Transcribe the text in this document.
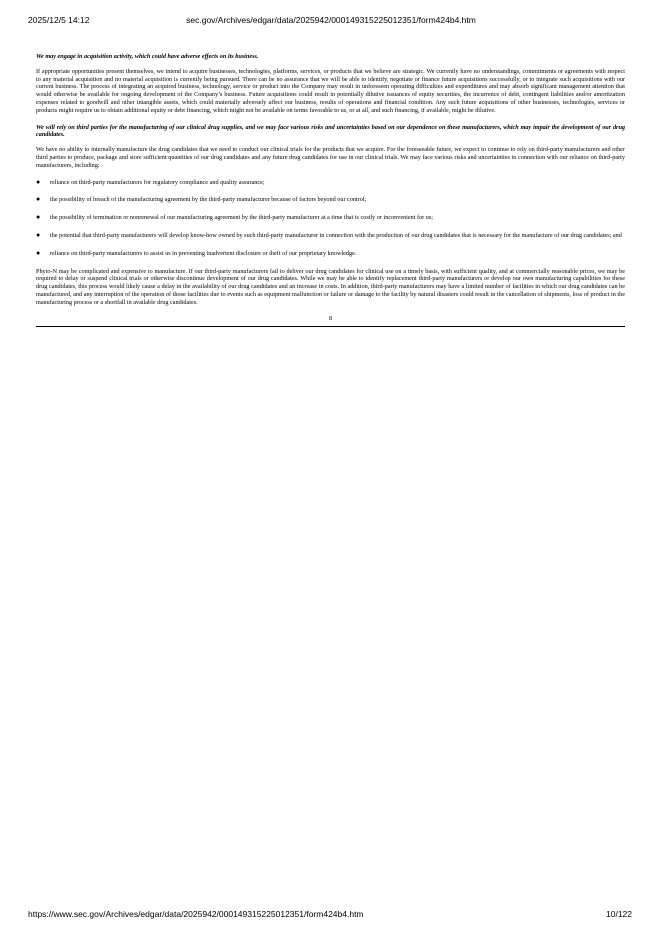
2025/12/5 14:12	sec.gov/Archives/edgar/data/2025942/000149315225012351/form424b4.htm

We may engage in acquisition activity, which could have adverse effects on its business.

If appropriate opportunities present themselves, we intend to acquire businesses, technologies, platforms, services, or products that we believe are strategic. We currently have no understandings, commitments or agreements with respect to any material acquisition and no material acquisition is currently being pursued. There can be no assurance that we will be able to identify, negotiate or finance future acquisitions successfully, or to integrate such acquisitions with our current business. The process of integrating an acquired business, technology, service or product into the Company may result in unforeseen operating difficulties and expenditures and may absorb significant management attention that would otherwise be available for ongoing development of the Company’s business. Future acquisitions could result in potentially dilutive issuances of equity securities, the incurrence of debt, contingent liabilities and/or amortization expenses related to goodwill and other intangible assets, which could materially adversely affect our business, results of operations and financial condition. Any such future acquisitions of other businesses, technologies, services or products might require us to obtain additional equity or debt financing, which might not be available on terms favorable to us, or at all, and such financing, if available, might be dilutive.

We will rely on third parties for the manufacturing of our clinical drug supplies, and we may face various risks and uncertainties based on our dependence on these manufacturers, which may impair the development of our drug candidates.

We have no ability to internally manufacture the drug candidates that we need to conduct our clinical trials for the products that we acquire. For the foreseeable future, we expect to continue to rely on third-party manufacturers and other third parties to produce, package and store sufficient quantities of our drug candidates and any future drug candidates for use in our clinical trials. We may face various risks and uncertainties in connection with our reliance on third-party manufacturers, including:

● reliance on third-party manufacturers for regulatory compliance and quality assurance;
● the possibility of breach of the manufacturing agreement by the third-party manufacturer because of factors beyond our control;
● the possibility of termination or nonrenewal of our manufacturing agreement by the third-party manufacturer at a time that is costly or inconvenient for us;
● the potential that third-party manufacturers will develop know-how owned by such third-party manufacturer in connection with the production of our drug candidates that is necessary for the manufacture of our drug candidates; and
● reliance on third-party manufacturers to assist us in preventing inadvertent disclosure or theft of our proprietary knowledge.

Phyto-N may be complicated and expensive to manufacture. If our third-party manufacturers fail to deliver our drug candidates for clinical use on a timely basis, with sufficient quality, and at commercially reasonable prices, we may be required to delay or suspend clinical trials or otherwise discontinue development of our drug candidates. While we may be able to identify replacement third-party manufacturers or develop our own manufacturing capabilities for these drug candidates, this process would likely cause a delay in the availability of our drug candidates and an increase in costs. In addition, third-party manufacturers may have a limited number of facilities in which our drug candidates can be manufactured, and any interruption of the operation of those facilities due to events such as equipment malfunction or failure or damage to the facility by natural disasters could result in the cancellation of shipments, loss of product in the manufacturing process or a shortfall in available drug candidates.

8
https://www.sec.gov/Archives/edgar/data/2025942/000149315225012351/form424b4.htm	10/122
